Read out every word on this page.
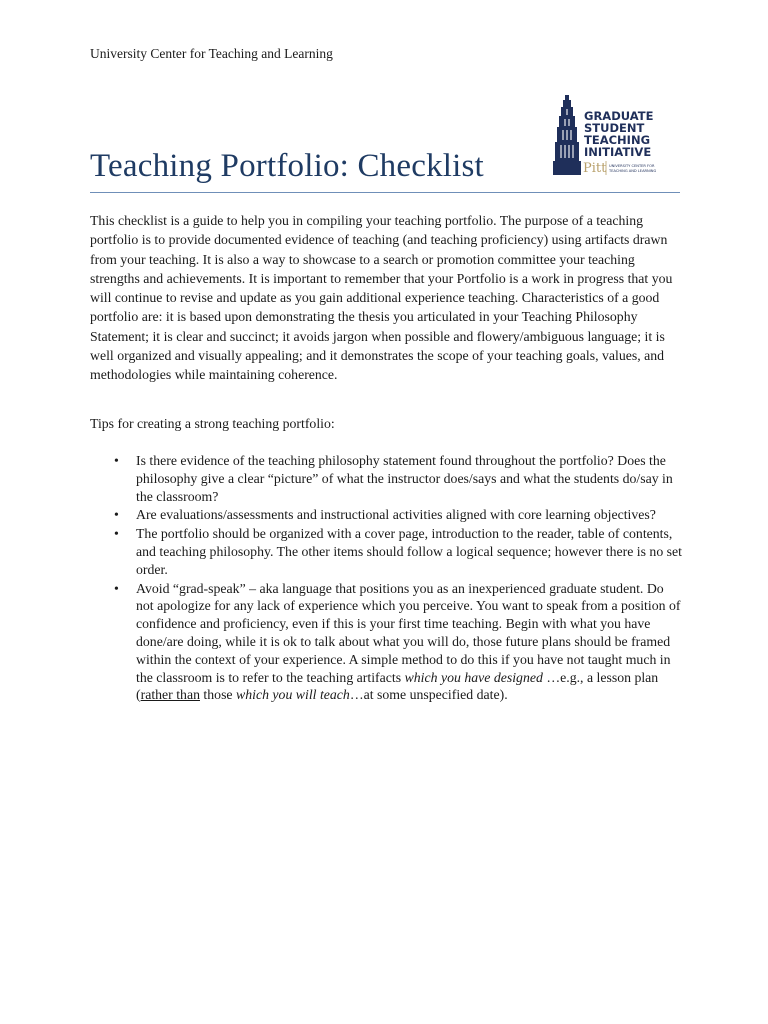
University Center for Teaching and Learning
GRADUATE
STUDENT
TEACHING
INITIATIVE
Pitt UNIVERSITY CENTER FOR
TEACHING AND LEARNING
Teaching Portfolio: Checklist

This checklist is a guide to help you in compiling your teaching portfolio. The purpose of a teaching portfolio is to provide documented evidence of teaching (and teaching proficiency) using artifacts drawn from your teaching. It is also a way to showcase to a search or promotion committee your teaching strengths and achievements. It is important to remember that your Portfolio is a work in progress that you will continue to revise and update as you gain additional experience teaching. Characteristics of a good portfolio are: it is based upon demonstrating the thesis you articulated in your Teaching Philosophy Statement; it is clear and succinct; it avoids jargon when possible and flowery/ambiguous language; it is well organized and visually appealing; and it demonstrates the scope of your teaching goals, values, and methodologies while maintaining coherence.

Tips for creating a strong teaching portfolio:

• Is there evidence of the teaching philosophy statement found throughout the portfolio? Does the philosophy give a clear “picture” of what the instructor does/says and what the students do/say in the classroom?
• Are evaluations/assessments and instructional activities aligned with core learning objectives?
• The portfolio should be organized with a cover page, introduction to the reader, table of contents, and teaching philosophy. The other items should follow a logical sequence; however there is no set order.
• Avoid “grad-speak” – aka language that positions you as an inexperienced graduate student. Do not apologize for any lack of experience which you perceive. You want to speak from a position of confidence and proficiency, even if this is your first time teaching. Begin with what you have done/are doing, while it is ok to talk about what you will do, those future plans should be framed within the context of your experience. A simple method to do this if you have not taught much in the classroom is to refer to the teaching artifacts which you have designed …e.g., a lesson plan (rather than those which you will teach…at some unspecified date).
